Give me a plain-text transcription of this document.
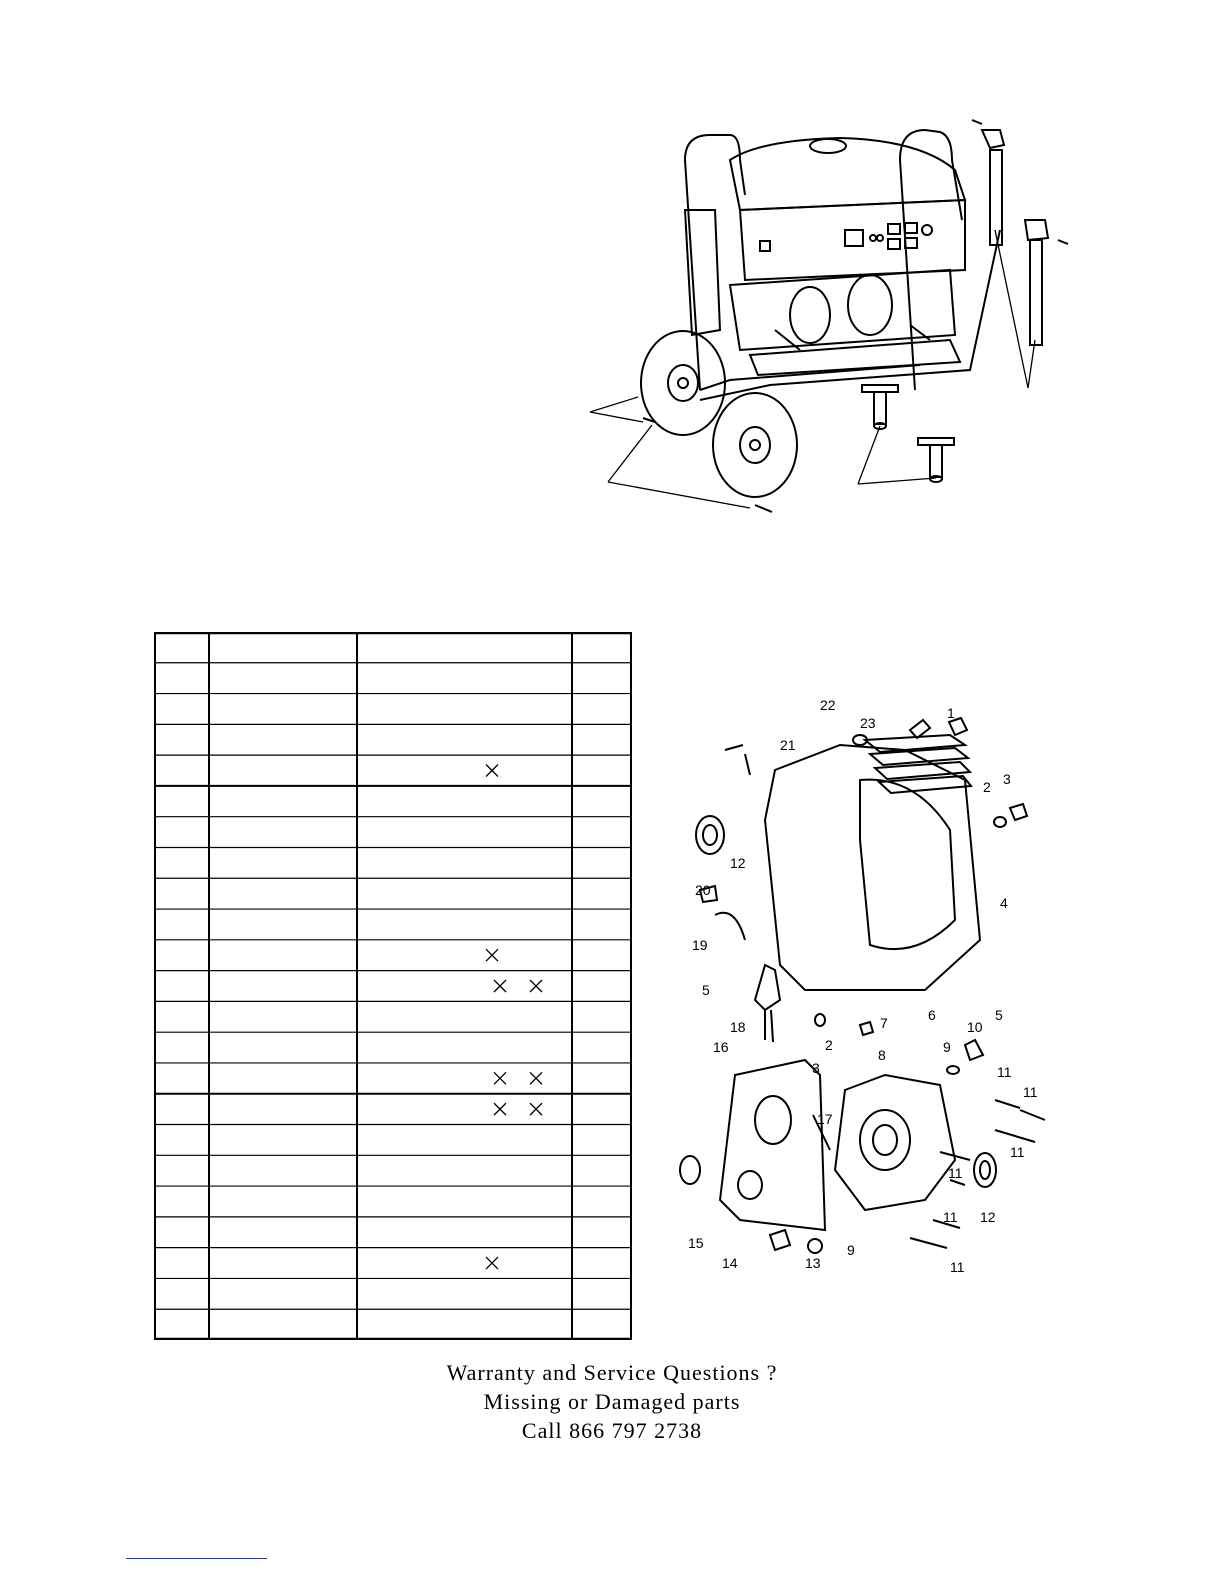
22
23
1
21
2 3
12
4
20
19
5
18	7	6	5
3
2
10
16	9
8
11
11
17
11
11
15
14
12
11
13
9
11
Warranty and Service Questions ?
Missing or Damaged parts
Call 866 797 2738
